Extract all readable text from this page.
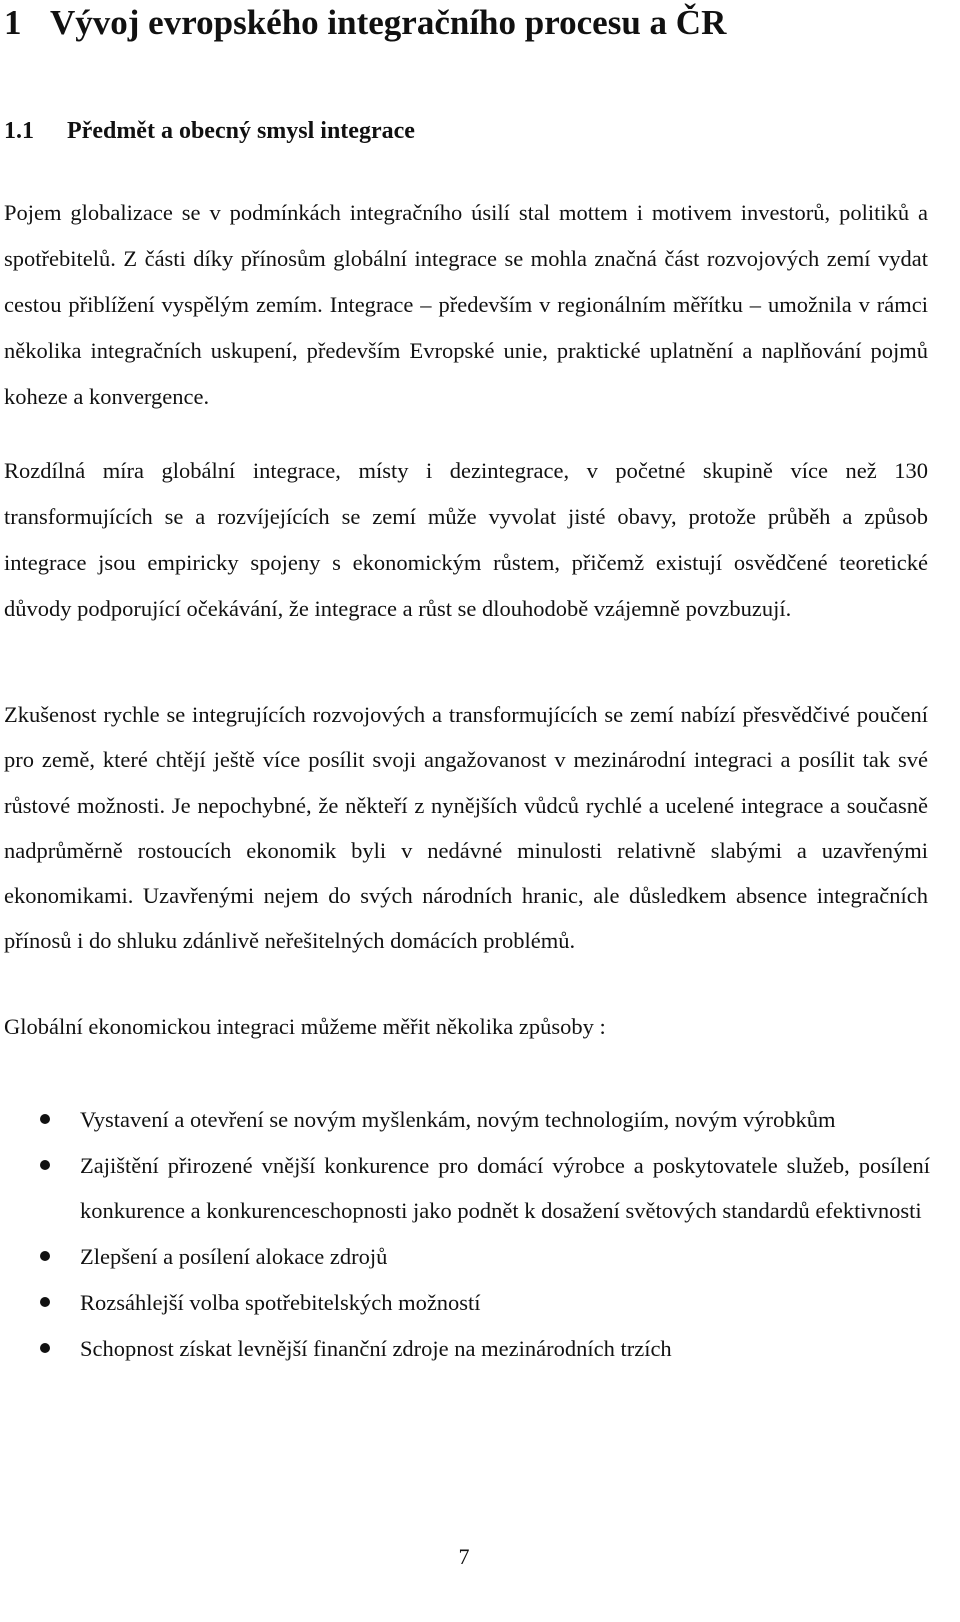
1 Vývoj evropského integračního procesu a ČR
1.1 Předmět a obecný smysl integrace

Pojem globalizace se v podmínkách integračního úsilí stal mottem i motivem investorů, politiků a spotřebitelů. Z části díky přínosům globální integrace se mohla značná část rozvojových zemí vydat cestou přiblížení vyspělým zemím. Integrace – především v regionálním měřítku – umožnila v rámci několika integračních uskupení, především Evropské unie, praktické uplatnění a naplňování pojmů koheze a konvergence.

Rozdílná míra globální integrace, místy i dezintegrace, v početné skupině více než 130 transformujících se a rozvíjejících se zemí může vyvolat jisté obavy, protože průběh a způsob integrace jsou empiricky spojeny s ekonomickým růstem, přičemž existují osvědčené teoretické důvody podporující očekávání, že integrace a růst se dlouhodobě vzájemně povzbuzují.

Zkušenost rychle se integrujících rozvojových a transformujících se zemí nabízí přesvědčivé poučení pro země, které chtějí ještě více posílit svoji angažovanost v mezinárodní integraci a posílit tak své růstové možnosti. Je nepochybné, že někteří z nynějších vůdců rychlé a ucelené integrace a současně nadprůměrně rostoucích ekonomik byli v nedávné minulosti relativně slabými a uzavřenými ekonomikami. Uzavřenými nejem do svých národních hranic, ale důsledkem absence integračních přínosů i do shluku zdánlivě neřešitelných domácích problémů.

Globální ekonomickou integraci můžeme měřit několika způsoby :

Vystavení a otevření se novým myšlenkám, novým technologiím, novým výrobkům
Zajištění přirozené vnější konkurence pro domácí výrobce a poskytovatele služeb, posílení konkurence a konkurenceschopnosti jako podnět k dosažení světových standardů efektivnosti
Zlepšení a posílení alokace zdrojů
Rozsáhlejší volba spotřebitelských možností
Schopnost získat levnější finanční zdroje na mezinárodních trzích
7
